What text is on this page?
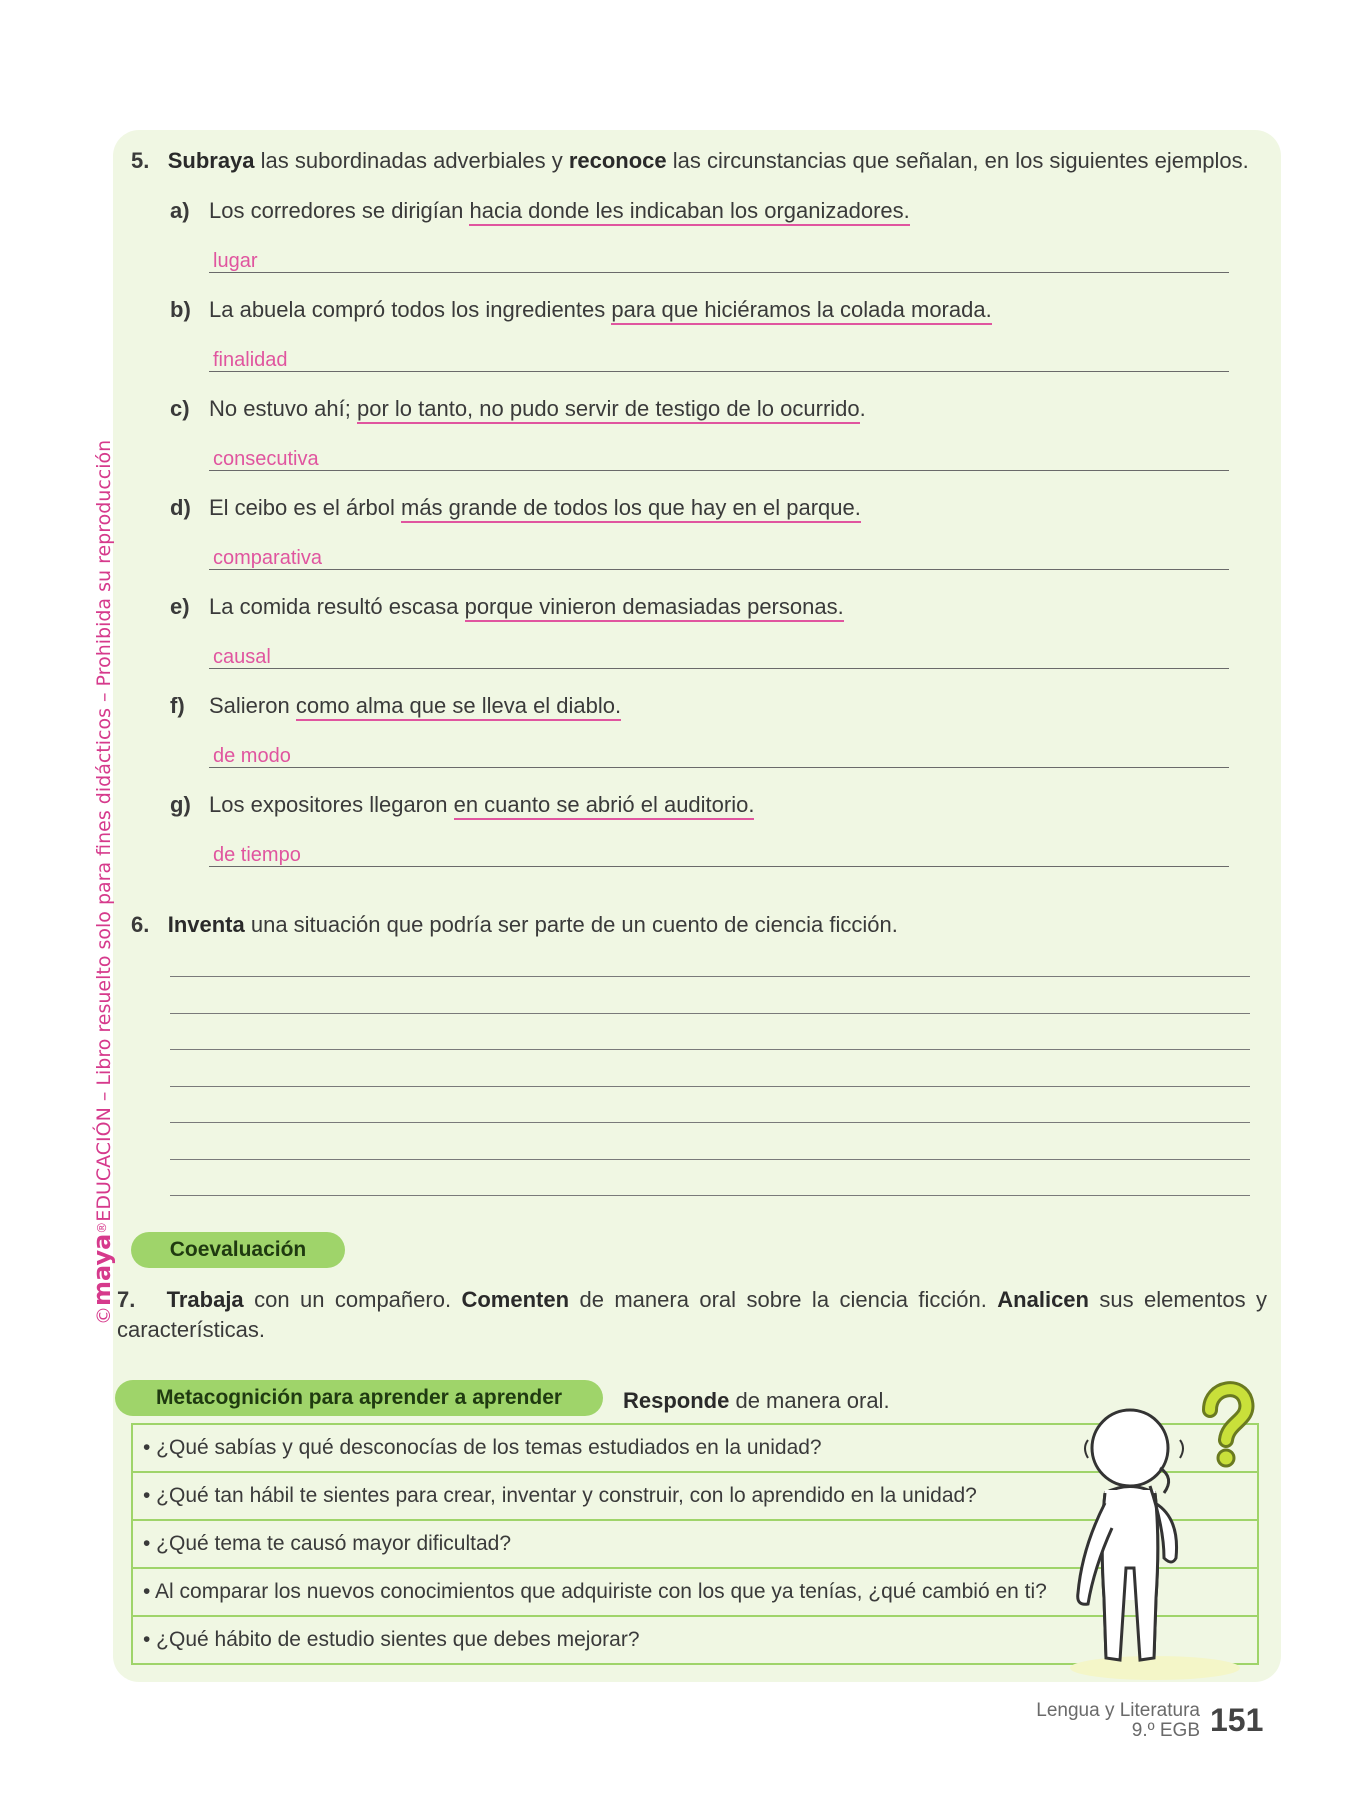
©maya®EDUCACIÓN – Libro resuelto solo para fines didácticos – Prohibida su reproducción
5. Subraya las subordinadas adverbiales y reconoce las circunstancias que señalan, en los siguientes ejemplos.
a) Los corredores se dirigían hacia donde les indicaban los organizadores.
lugar
b) La abuela compró todos los ingredientes para que hiciéramos la colada morada.
finalidad
c) No estuvo ahí; por lo tanto, no pudo servir de testigo de lo ocurrido.
consecutiva
d) El ceibo es el árbol más grande de todos los que hay en el parque.
comparativa
e) La comida resultó escasa porque vinieron demasiadas personas.
causal
f) Salieron como alma que se lleva el diablo.
de modo
g) Los expositores llegaron en cuanto se abrió el auditorio.
de tiempo
6. Inventa una situación que podría ser parte de un cuento de ciencia ficción.
Coevaluación
7. Trabaja con un compañero. Comenten de manera oral sobre la ciencia ficción. Analicen sus elementos y características.
Metacognición para aprender a aprender	Responde de manera oral.
• ¿Qué sabías y qué desconocías de los temas estudiados en la unidad?
• ¿Qué tan hábil te sientes para crear, inventar y construir, con lo aprendido en la unidad?
• ¿Qué tema te causó mayor dificultad?
• Al comparar los nuevos conocimientos que adquiriste con los que ya tenías, ¿qué cambió en ti?
• ¿Qué hábito de estudio sientes que debes mejorar?
Lengua y Literatura
9.º EGB 151
